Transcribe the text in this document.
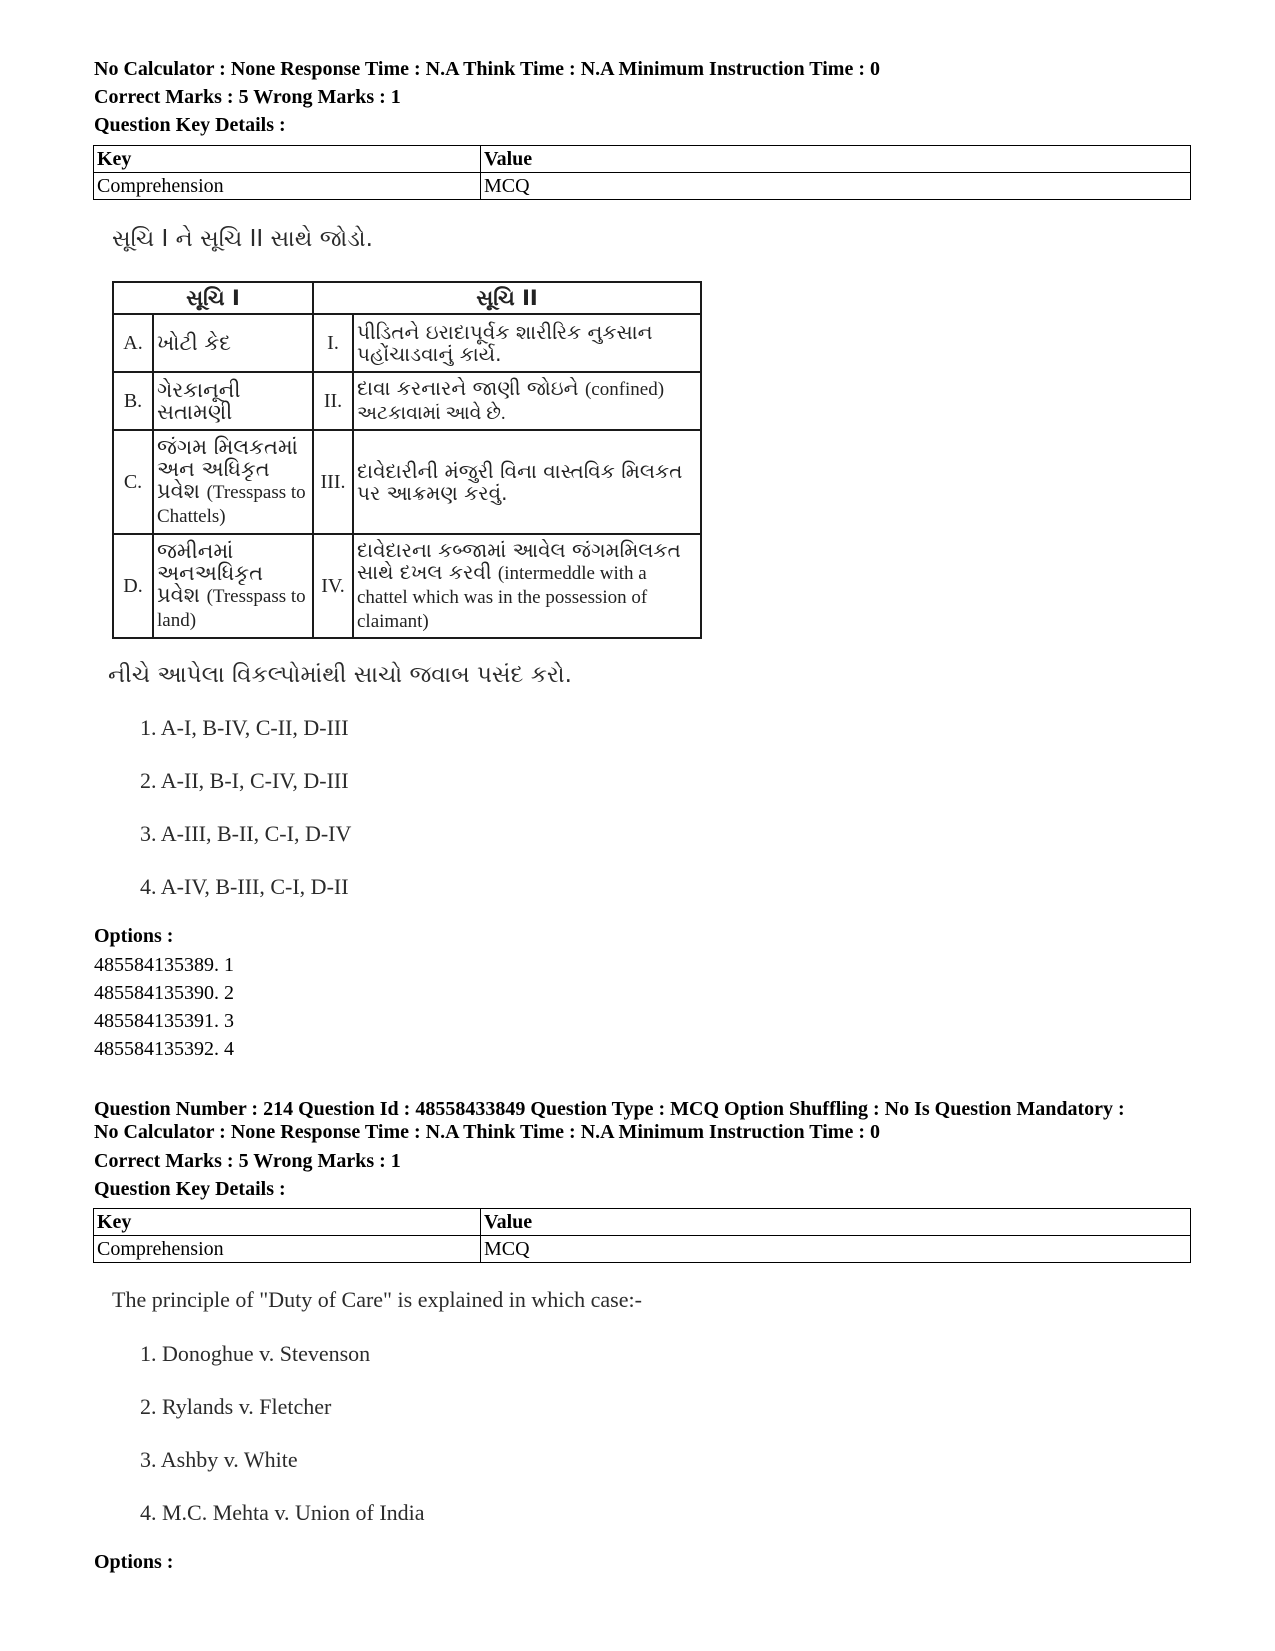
No Calculator : None Response Time : N.A Think Time : N.A Minimum Instruction Time : 0
Correct Marks : 5 Wrong Marks : 1
Question Key Details :
Key	Value
Comprehension	MCQ
સૂચિ I ને સૂચિ II સાથે જોડો.
સૂચિ I		સૂચિ II	
A.	ખોટી કેદ	I.	પીડિતને ઇરાદાપૂર્વક શારીરિક નુકસાન પહોંચાડવાનું કાર્ય.
B.	ગેરકાનૂની સતામણી	II.	દાવા કરનારને જાણી જોઇને (confined) અટકાવામાં આવે છે.
C.	જંગમ મિલકતમાં અન અધિકૃત પ્રવેશ (Tresspass to Chattels)	III.	દાવેદારીની મંજુરી વિના વાસ્તવિક મિલકત પર આક્રમણ કરવું.
D.	જમીનમાં અનઅધિકૃત પ્રવેશ (Tresspass to land)	IV.	દાવેદારના કબ્જામાં આવેલ જંગમમિલકત સાથે દખલ કરવી (intermeddle with a chattel which was in the possession of claimant)
નીચે આપેલા વિકલ્પોમાંથી સાચો જવાબ પસંદ કરો.
1. A-I, B-IV, C-II, D-III
2. A-II, B-I, C-IV, D-III
3. A-III, B-II, C-I, D-IV
4. A-IV, B-III, C-I, D-II
Options :
485584135389. 1
485584135390. 2
485584135391. 3
485584135392. 4
Question Number : 214 Question Id : 48558433849 Question Type : MCQ Option Shuffling : No Is Question Mandatory :
No Calculator : None Response Time : N.A Think Time : N.A Minimum Instruction Time : 0
Correct Marks : 5 Wrong Marks : 1
Question Key Details :
Key	Value
Comprehension	MCQ
The principle of "Duty of Care" is explained in which case:-
1. Donoghue v. Stevenson
2. Rylands v. Fletcher
3. Ashby v. White
4. M.C. Mehta v. Union of India
Options :
